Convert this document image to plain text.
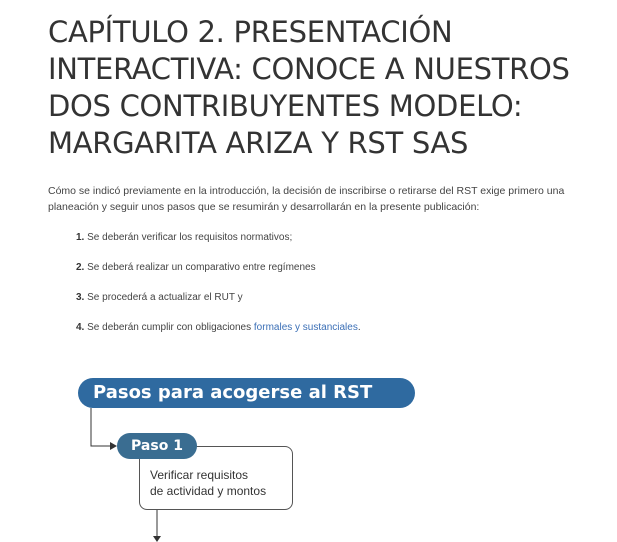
CAPÍTULO 2. PRESENTACIÓN INTERACTIVA: CONOCE A NUESTROS DOS CONTRIBUYENTES MODELO: MARGARITA ARIZA Y RST SAS

Cómo se indicó previamente en la introducción, la decisión de inscribirse o retirarse del RST exige primero una planeación y seguir unos pasos que se resumirán y desarrollarán en la presente publicación:

1. Se deberán verificar los requisitos normativos;
2. Se deberá realizar un comparativo entre regímenes
3. Se procederá a actualizar el RUT y
4. Se deberán cumplir con obligaciones formales y sustanciales.
Pasos para acogerse al RST
Paso 1
Verificar requisitos
de actividad y montos
